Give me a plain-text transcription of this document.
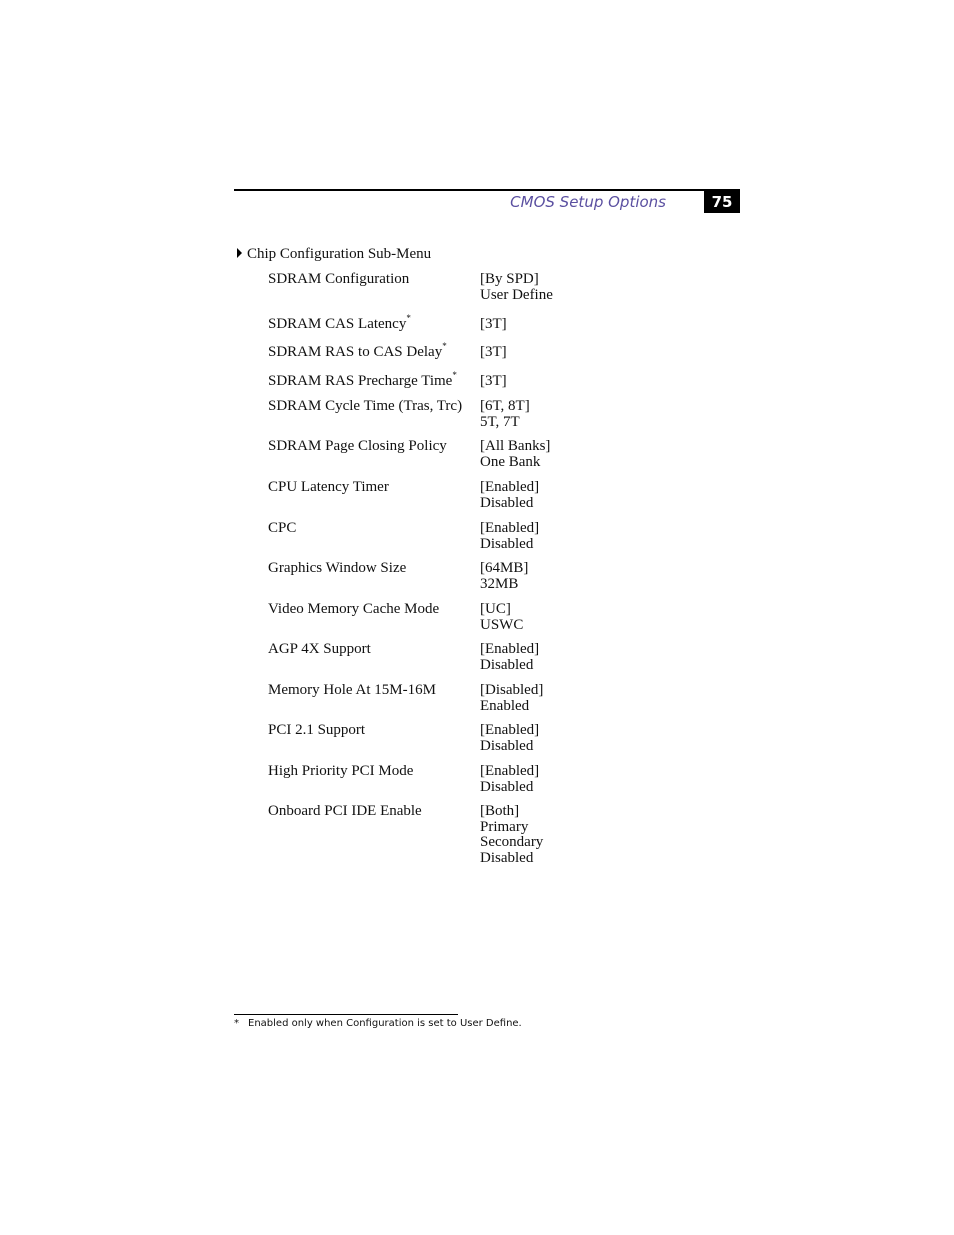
CMOS Setup Options	75
Chip Configuration Sub-Menu
SDRAM Configuration	[By SPD]
User Define
SDRAM CAS Latency*	[3T]
SDRAM RAS to CAS Delay* [3T]
SDRAM RAS Precharge Time* [3T]
SDRAM Cycle Time (Tras, Trc) [6T, 8T]
5T, 7T
SDRAM Page Closing Policy [All Banks]
One Bank
CPU Latency Timer	[Enabled]
Disabled
CPC	[Enabled]
Disabled
Graphics Window Size	[64MB]
32MB
Video Memory Cache Mode	[UC]
USWC
AGP 4X Support	[Enabled]
Disabled
Memory Hole At 15M-16M	[Disabled]
Enabled
PCI 2.1 Support	[Enabled]
Disabled
High Priority PCI Mode	[Enabled]
Disabled
Onboard PCI IDE Enable	[Both]
Primary
Secondary
Disabled
* Enabled only when Configuration is set to User Define.
